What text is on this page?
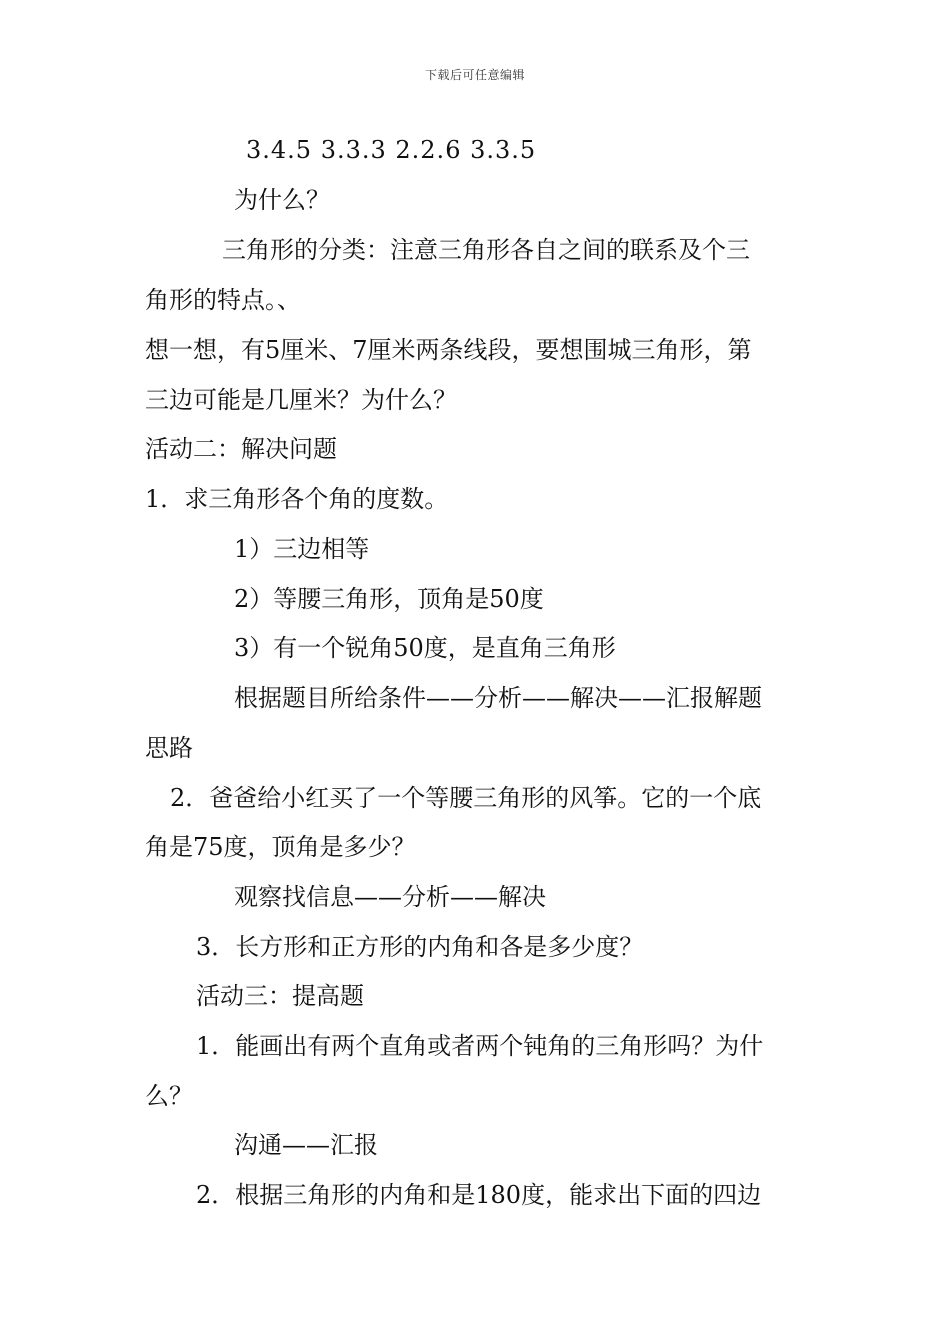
下载后可任意编辑
3.4.5 3.3.3 2.2.6 3.3.5
为什么？
三角形的分类：注意三角形各自之间的联系及个三
角形的特点。、
想一想，有5厘米、7厘米两条线段，要想围城三角形，第
三边可能是几厘米？为什么？
活动二：解决问题
1．求三角形各个角的度数。
1）三边相等
2）等腰三角形，顶角是50度
3）有一个锐角50度，是直角三角形
根据题目所给条件——分析——解决——汇报解题
思路
2．爸爸给小红买了一个等腰三角形的风筝。它的一个底
角是75度，顶角是多少？
观察找信息——分析——解决
3．长方形和正方形的内角和各是多少度？
活动三：提高题
1．能画出有两个直角或者两个钝角的三角形吗？为什
么？
沟通——汇报
2．根据三角形的内角和是180度，能求出下面的四边
